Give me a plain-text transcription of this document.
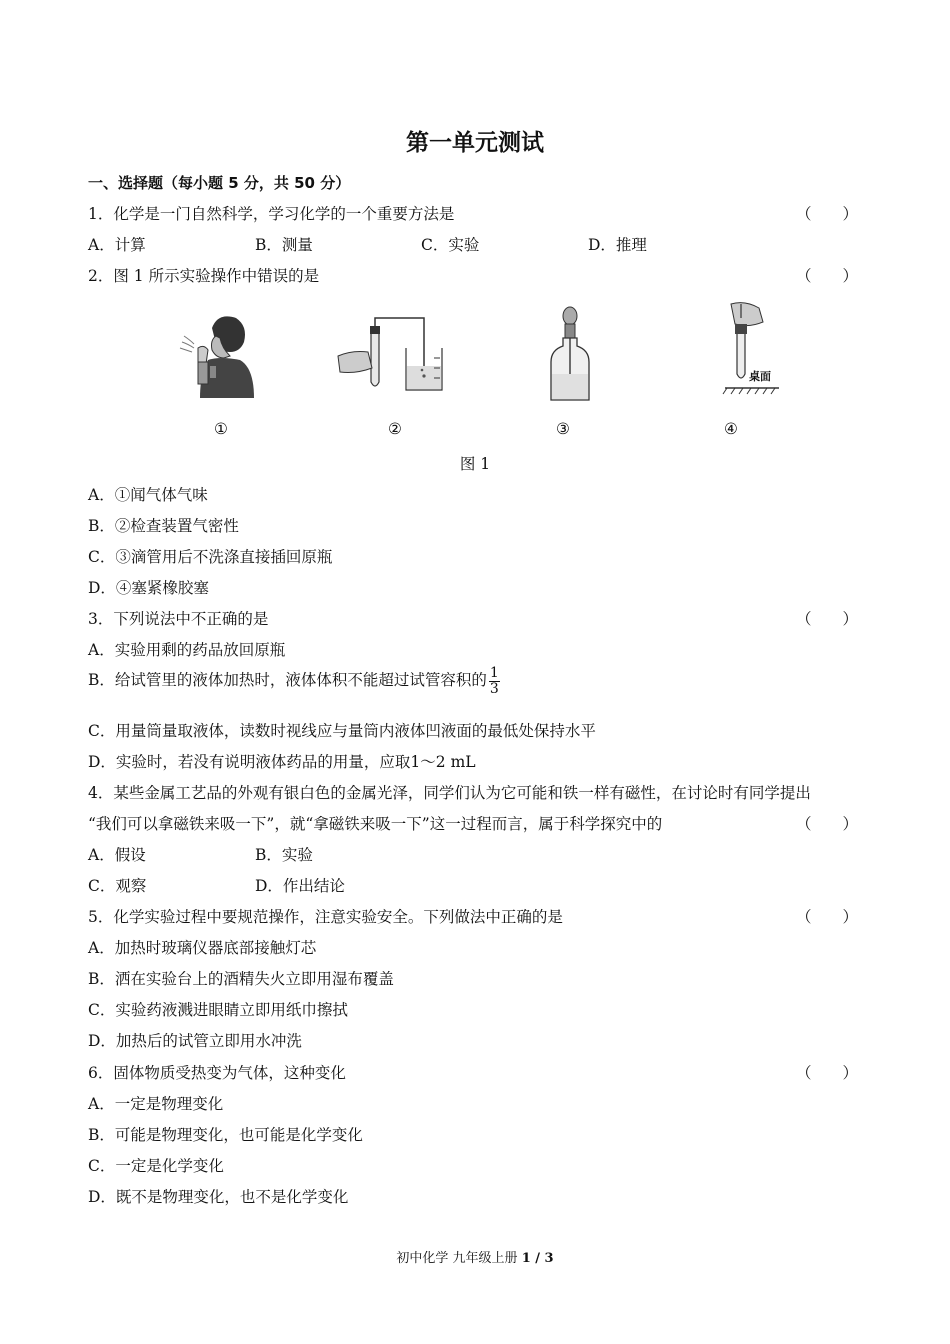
第一单元测试
一、选择题（每小题 5 分，共 50 分）
1．化学是一门自然科学，学习化学的一个重要方法是	（　　）
A．计算	B．测量	C．实验	D．推理
2．图 1 所示实验操作中错误的是	（　　）
①	②	③
桌面
④
图 1
A．①闻气体气味
B．②检查装置气密性
C．③滴管用后不洗涤直接插回原瓶
D．④塞紧橡胶塞
3．下列说法中不正确的是	（　　）
A．实验用剩的药品放回原瓶
B．给试管里的液体加热时，液体体积不能超过试管容积的 $\frac{1}{3}$
C．用量筒量取液体，读数时视线应与量筒内液体凹液面的最低处保持水平
D．实验时，若没有说明液体药品的用量，应取1～2 mL
4．某些金属工艺品的外观有银白色的金属光泽，同学们认为它可能和铁一样有磁性，在讨论时有同学提出
“我们可以拿磁铁来吸一下”，就“拿磁铁来吸一下”这一过程而言，属于科学探究中的	（　　）
A．假设	B．实验
C．观察	D．作出结论
5．化学实验过程中要规范操作，注意实验安全。下列做法中正确的是	（　　）
A．加热时玻璃仪器底部接触灯芯
B．洒在实验台上的酒精失火立即用湿布覆盖
C．实验药液溅进眼睛立即用纸巾擦拭
D．加热后的试管立即用水冲洗
6．固体物质受热变为气体，这种变化	（　　）
A．一定是物理变化
B．可能是物理变化，也可能是化学变化
C．一定是化学变化
D．既不是物理变化，也不是化学变化
初中化学 九年级上册 1 / 3
